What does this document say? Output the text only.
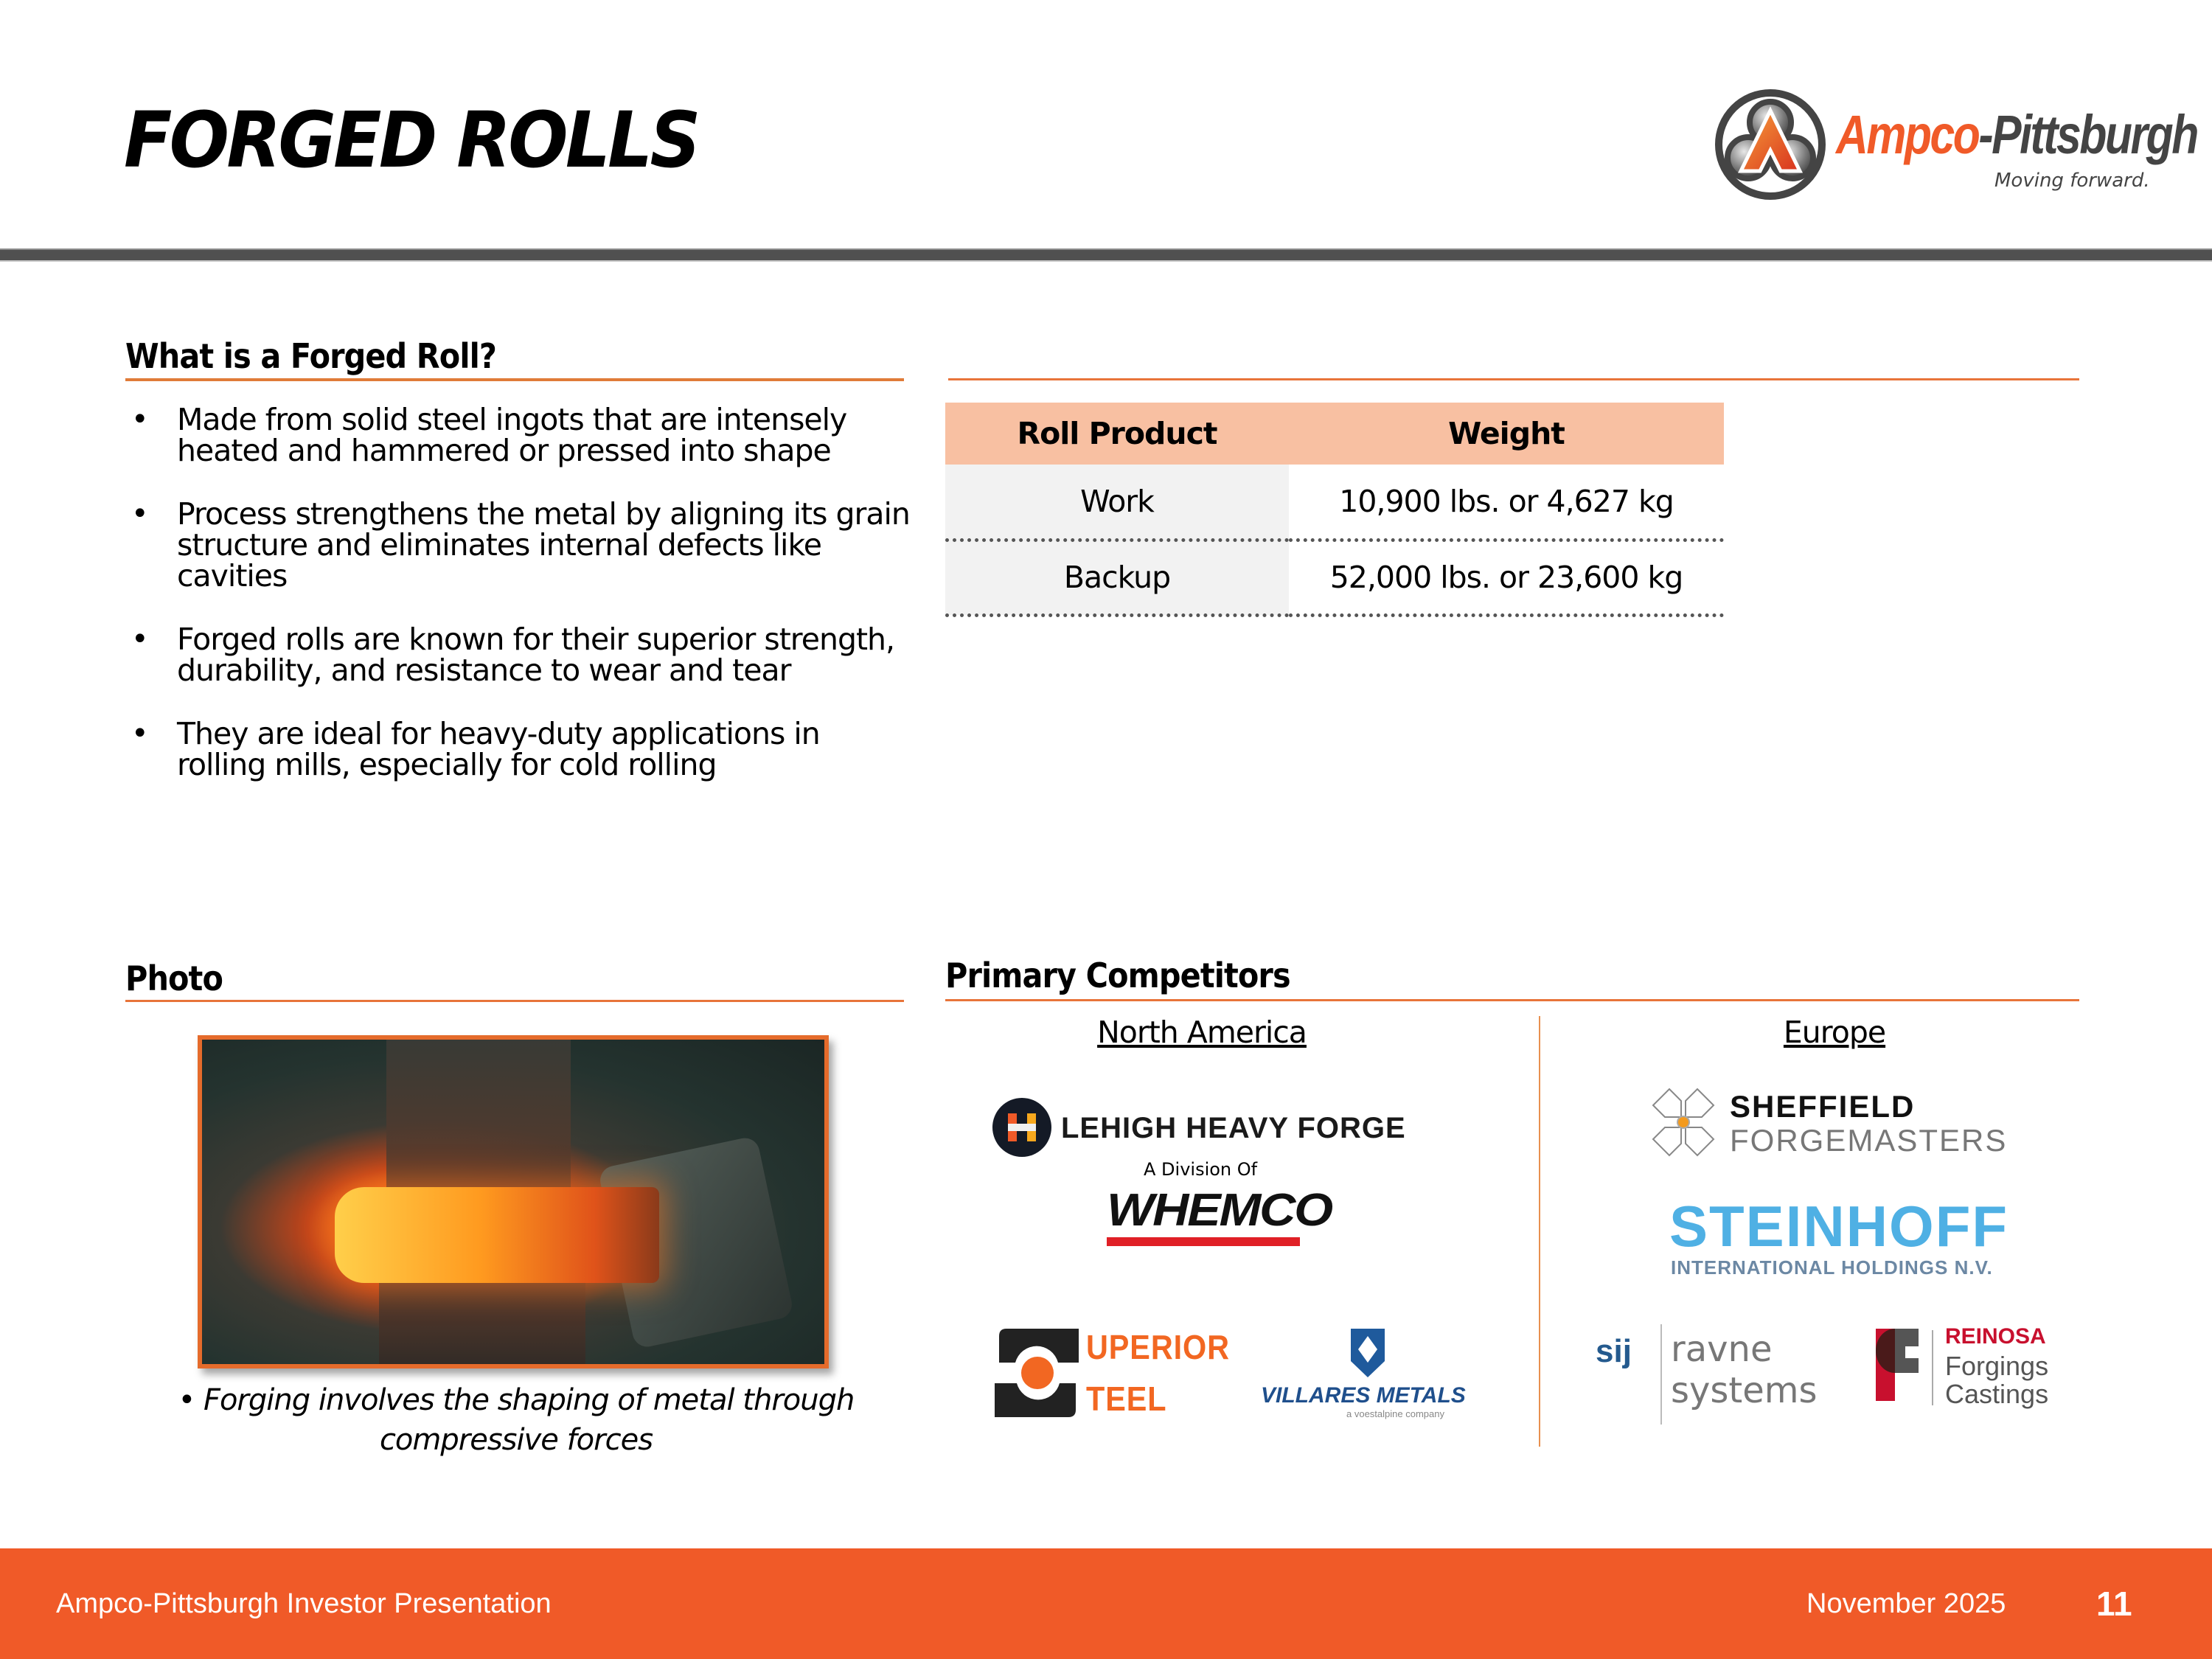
FORGED ROLLS	Ampco-Pittsburgh
Moving forward.
What is a Forged Roll?
• Made from solid steel ingots that are intensely heated and hammered or pressed into shape
• Process strengthens the metal by aligning its grain structure and eliminates internal defects like cavities
• Forged rolls are known for their superior strength, durability, and resistance to wear and tear
• They are ideal for heavy-duty applications in rolling mills, especially for cold rolling
Roll Product	Weight
Work	10,900 lbs. or 4,627 kg
Backup	52,000 lbs. or 23,600 kg
Photo
• Forging involves the shaping of metal through compressive forces
Primary Competitors
North America	Europe
LEHIGH HEAVY FORGE
A Division Of
WHEMCO
UPERIOR
TEEL	VILLARES METALS
a voestalpine company
SHEFFIELD
FORGEMASTERS
STEINHOFF
INTERNATIONAL HOLDINGS N.V.
sij ravne
systems
REINOSA
Forgings
Castings
Ampco-Pittsburgh Investor Presentation	November 2025	11
